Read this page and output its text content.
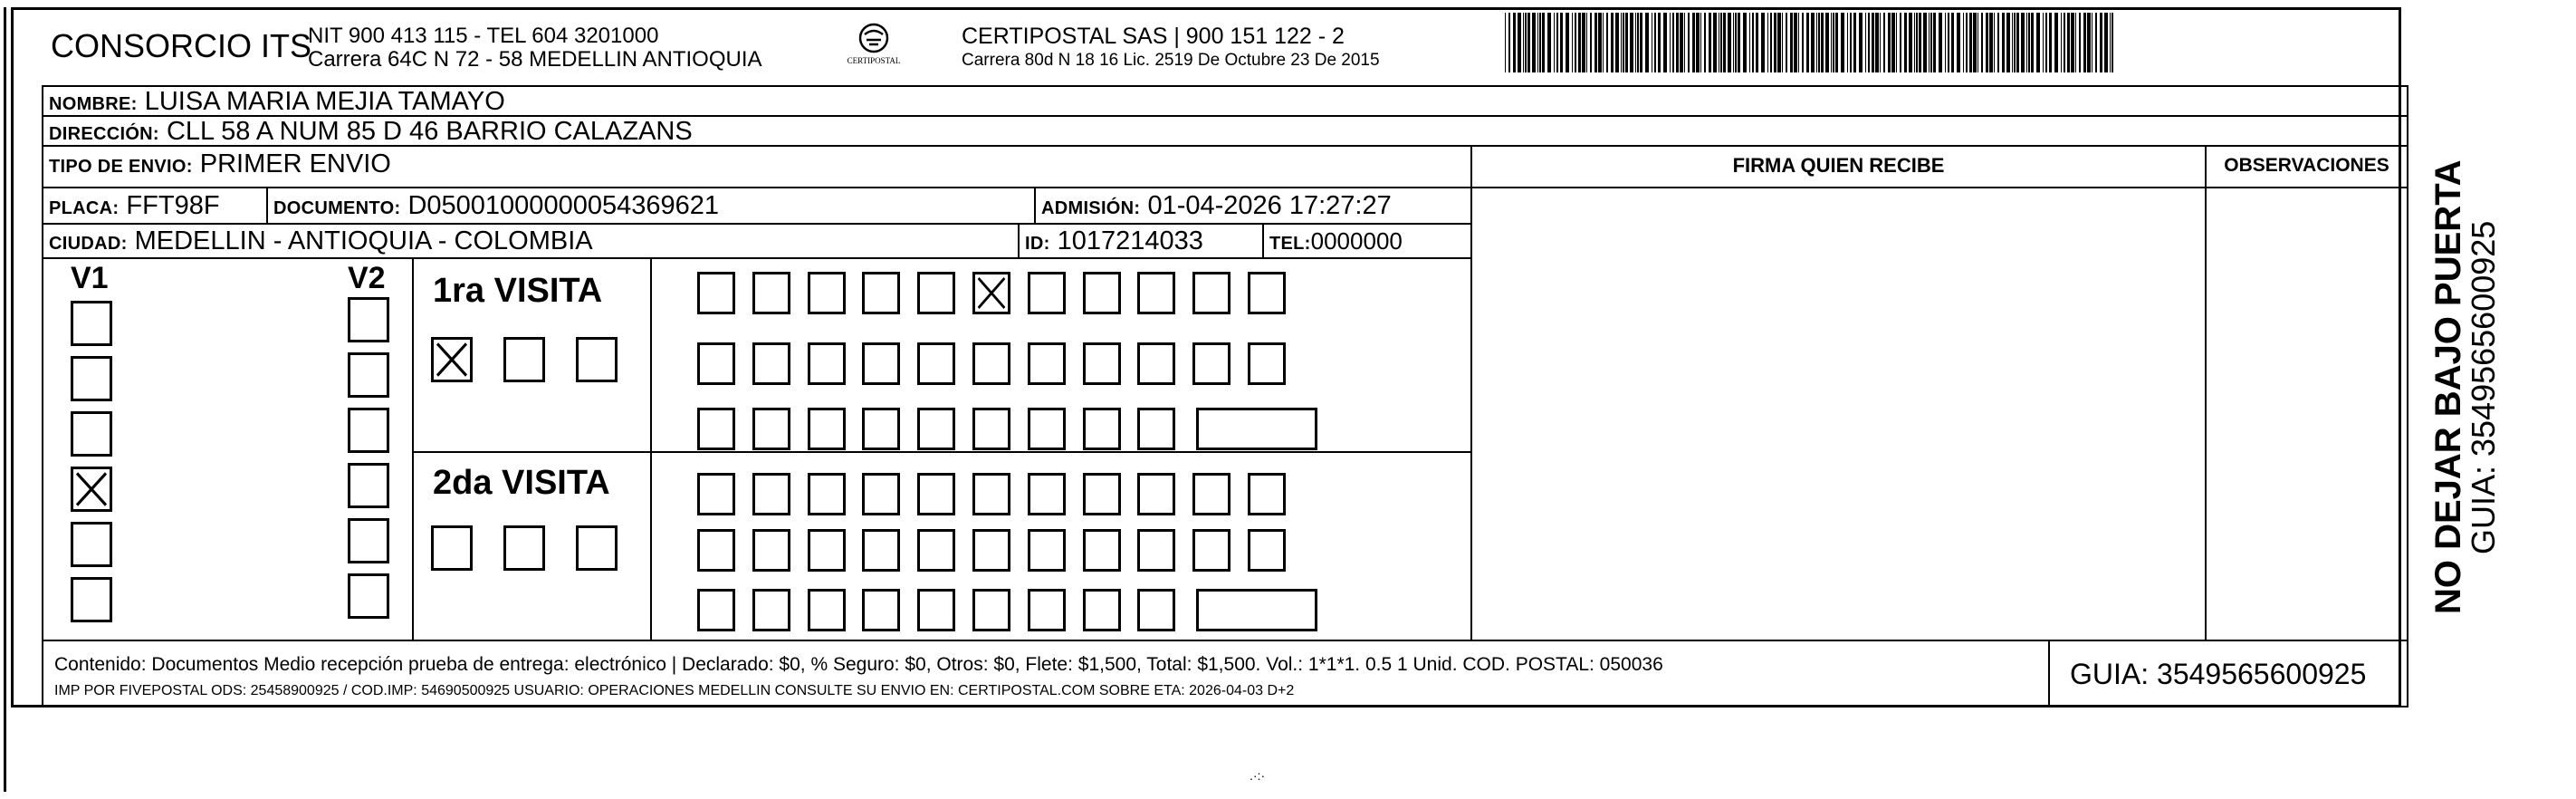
CONSORCIO ITS
NIT 900 413 115 - TEL 604 3201000
Carrera 64C N 72 - 58 MEDELLIN ANTIOQUIA	CERTIPOSTAL
CERTIPOSTAL SAS | 900 151 122 - 2
Carrera 80d N 18 16 Lic. 2519 De Octubre 23 De 2015
NOMBRE: LUISA MARIA MEJIA TAMAYO
DIRECCIÓN: CLL 58 A NUM 85 D 46 BARRIO CALAZANS
TIPO DE ENVIO: PRIMER ENVIO
PLACA: FFT98F	DOCUMENTO: D05001000000054369621	ADMISIÓN: 01-04-2026 17:27:27
CIUDAD: MEDELLIN - ANTIOQUIA - COLOMBIA	ID: 1017214033	TEL:0000000
FIRMA QUIEN RECIBE	OBSERVACIONES
V1	V2 1ra VISITA
2da VISITA
Contenido: Documentos Medio recepción prueba de entrega: electrónico | Declarado: $0, % Seguro: $0, Otros: $0, Flete: $1,500, Total: $1,500. Vol.: 1*1*1. 0.5 1 Unid. COD. POSTAL: 050036
IMP POR FIVEPOSTAL ODS: 25458900925 / COD.IMP: 54690500925 USUARIO: OPERACIONES MEDELLIN CONSULTE SU ENVIO EN: CERTIPOSTAL.COM SOBRE ETA: 2026-04-03 D+2
GUIA: 3549565600925
NO DEJAR BAJO PUERTA
GUIA: 3549565600925
.·:·
